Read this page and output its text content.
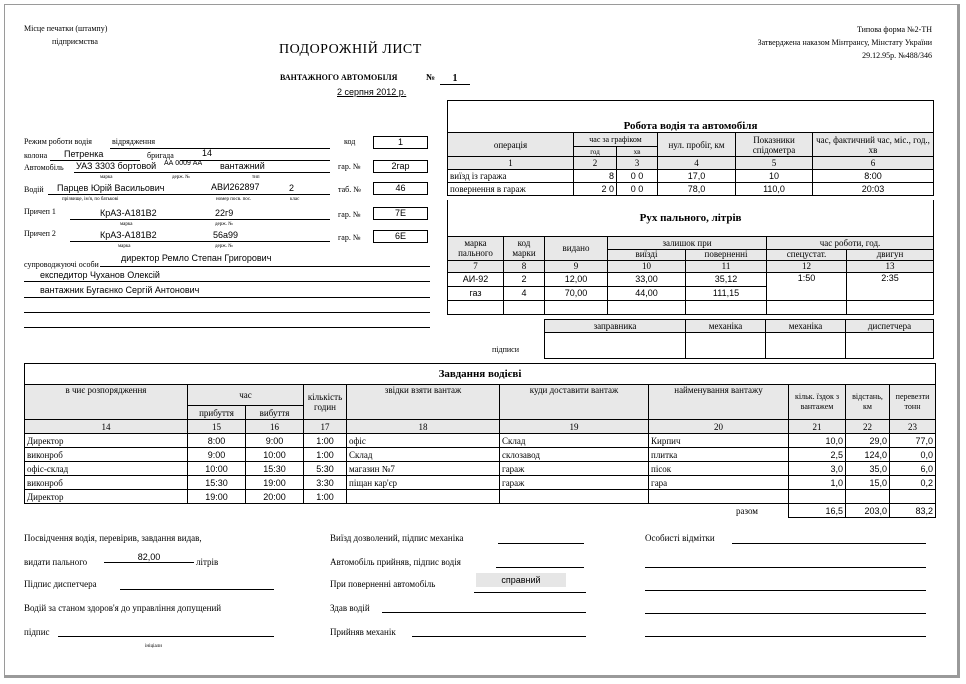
Місце печатки (штампу)
підприємства
ПОДОРОЖНІЙ ЛИСТ
ВАНТАЖНОГО АВТОМОБІЛЯ	№	1
2 серпня 2012 р.
Типова форма №2-ТН
Затверджена наказом Мінтрансу, Мінстату України
29.12.95р. №488/346
Режим роботи водія	відрядження
колона Петренка	бригада	14
Автомобіль УАЗ 3303 бортовой АА 0009 АА вантажний
марка	держ. №	тип
Водій Парцев Юрій Васильович	АВИ262897	2
прізвище, ім'я, по батькові	номер посв. пос.	клас
Причеп 1	КрАЗ-А181В2	22г9
марка	держ. №
Причеп 2	КрАЗ-А181В2	56а99
марка	держ. №
супроводжуючі особи
директор Ремло Степан Григорович
експедитор Чуханов Олексій
вантажник Бугаєнко Сергій Антонович
код	1
гар. №	2гар
таб. №	46
гар. №	7Е
гар. №	6Е
Робота водія та автомобіля					
операція	час за графіком		нул. пробіг, км	Показники спідометра	час, фактичний час, міс., год., хв
	год	хв			
1	2	3	4	5	6
виїзд із гаража	8	0 0	17,0	10	8:00
повернення в гараж	2 0	0 0	78,0	110,0	20:03
Рух пального, літрів						
марка пального	код марки	видано	залишок при		час роботи, год.	
			виїзді	поверненні	спецустат.	двигун
7	8	9	10	11	12	13
АИ-92	2	12,00	33,00	35,12	1:50	2:35
газ	4	70,00	44,00	111,15		

заправника	механіка	механіка	диспетчера

підписи
Завдання водієві									
в чиє розпорядження	час		кількість годин	звідки взяти вантаж	куди доставити вантаж	найменування вантажу	кільк. їздок з вантажем	відстань, км	перевезти тонн
	прибуття	вибуття							
14	15	16	17	18	19	20	21	22	23
Директор	8:00	9:00	1:00	офіс	Склад	Кирпич	10,0	29,0	77,0
виконроб	9:00	10:00	1:00	Склад	склозавод	плитка	2,5	124,0	0,0
офіс-склад	10:00	15:30	5:30	магазин №7	гараж	пісок	3,0	35,0	6,0
виконроб	15:30	19:00	3:30	піщан кар'єр	гараж	гара	1,0	15,0	0,2
Директор	19:00	20:00	1:00						
разом							16,5	203,0	83,2
Посвідчення водія, перевірив, завдання видав,
видати пального	82,00	літрів
Підпис диспетчера
Водій за станом здоров'я до управління допущений
підпис
ініціали
Виїзд дозволений, підпис механіка
Автомобіль прийняв, підпис водія
При поверненні автомобіль	справний
Здав водій
Прийняв механік
Особисті відмітки
